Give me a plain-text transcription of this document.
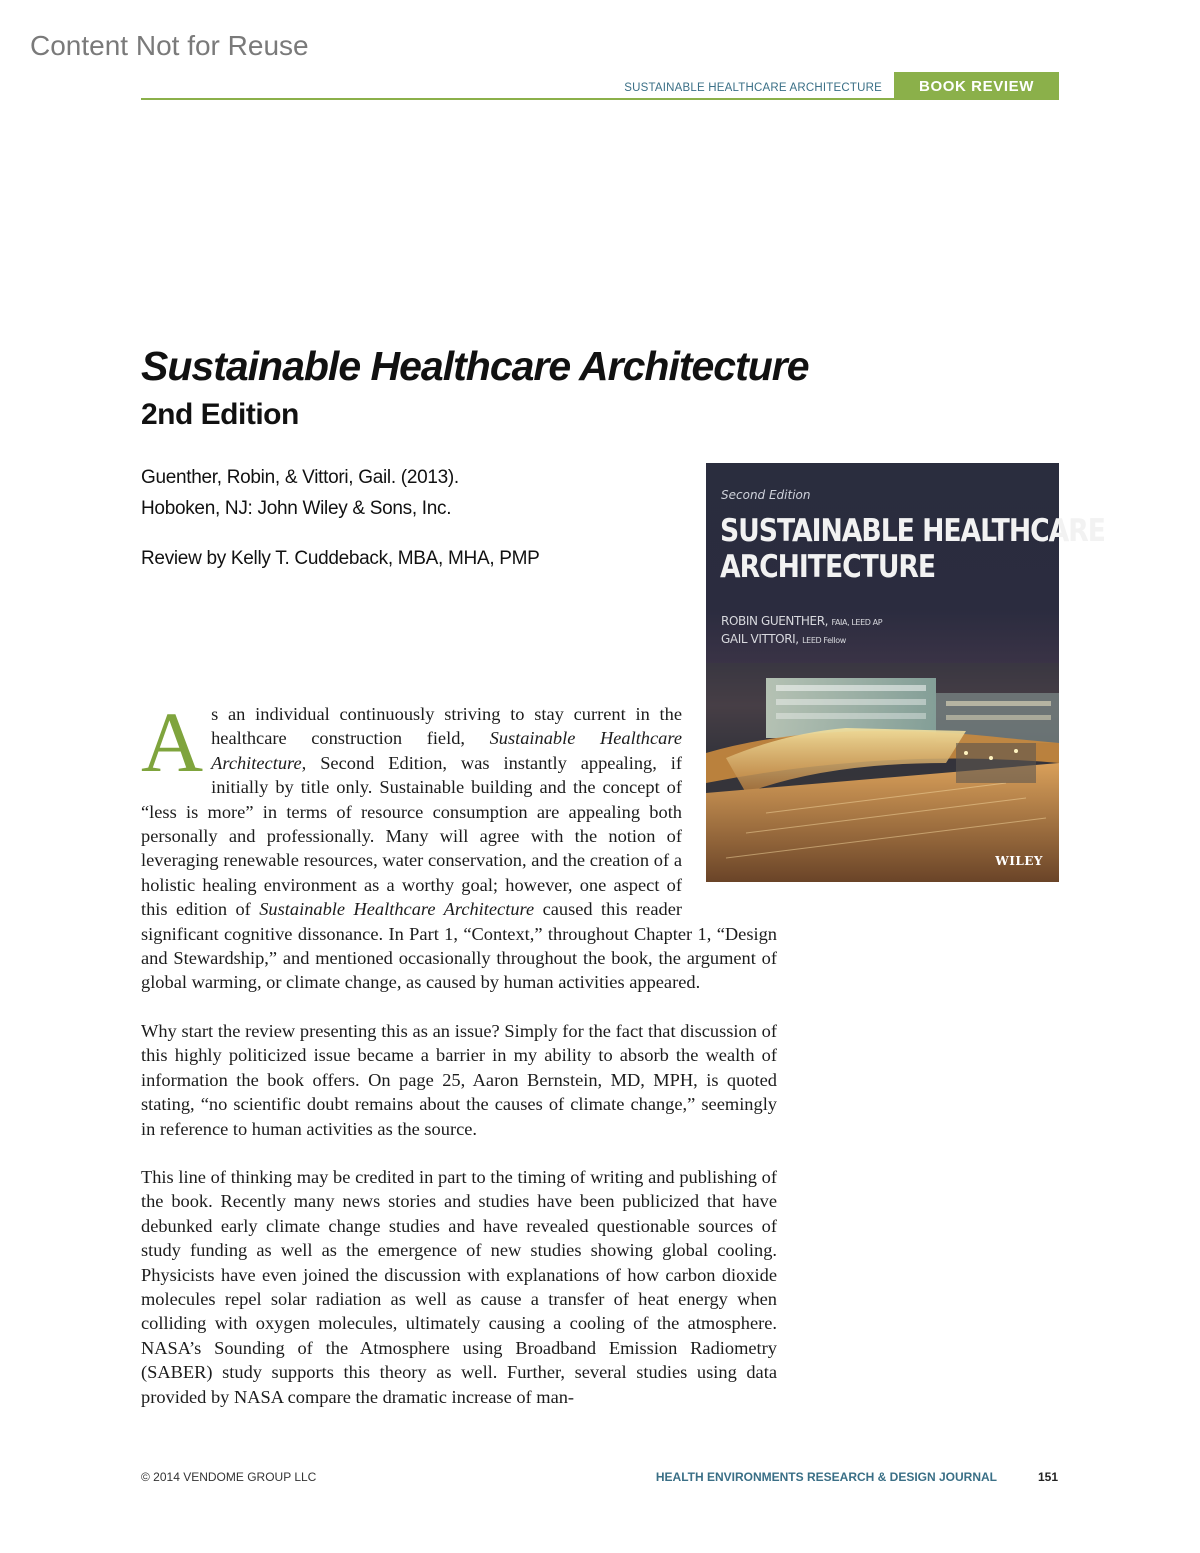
Content Not for Reuse
SUSTAINABLE HEALTHCARE ARCHITECTURE	BOOK REVIEW
Sustainable Healthcare Architecture
2nd Edition
Guenther, Robin, & Vittori, Gail. (2013).
Hoboken, NJ: John Wiley & Sons, Inc.
Review by Kelly T. Cuddeback, MBA, MHA, PMP
Second Edition
SUSTAINABLE HEALTHCARE
ARCHITECTURE
ROBIN GUENTHER, FAIA, LEED AP
GAIL VITTORI, LEED Fellow
WILEY

As an individual continuously striving to stay current in the healthcare construction field, Sustainable Healthcare Architecture, Second Edition, was instantly appealing, if initially by title only. Sustainable building and the concept of “less is more” in terms of resource consumption are appealing both personally and professionally. Many will agree with the notion of leveraging renewable resources, water conservation, and the creation of a holistic healing environment as a worthy goal; however, one aspect of this edition of Sustainable Healthcare Architecture caused this reader significant cognitive dissonance. In Part 1, “Context,” throughout Chapter 1, “Design and Stewardship,” and mentioned occasionally throughout the book, the argument of global warming, or climate change, as caused by human activities appeared.

Why start the review presenting this as an issue? Simply for the fact that discussion of this highly politicized issue became a barrier in my ability to absorb the wealth of information the book offers. On page 25, Aaron Bernstein, MD, MPH, is quoted stating, “no scientific doubt remains about the causes of climate change,” seemingly in reference to human activities as the source.

This line of thinking may be credited in part to the timing of writing and publishing of the book. Recently many news stories and studies have been publicized that have debunked early climate change studies and have revealed questionable sources of study funding as well as the emergence of new studies showing global cooling. Physicists have even joined the discussion with explanations of how carbon dioxide molecules repel solar radiation as well as cause a transfer of heat energy when colliding with oxygen molecules, ultimately causing a cooling of the atmosphere. NASA’s Sounding of the Atmosphere using Broadband Emission Radiometry (SABER) study supports this theory as well. Further, several studies using data provided by NASA compare the dramatic increase of man-

© 2014 VENDOME GROUP LLC	HEALTH ENVIRONMENTS RESEARCH & DESIGN JOURNAL	151
